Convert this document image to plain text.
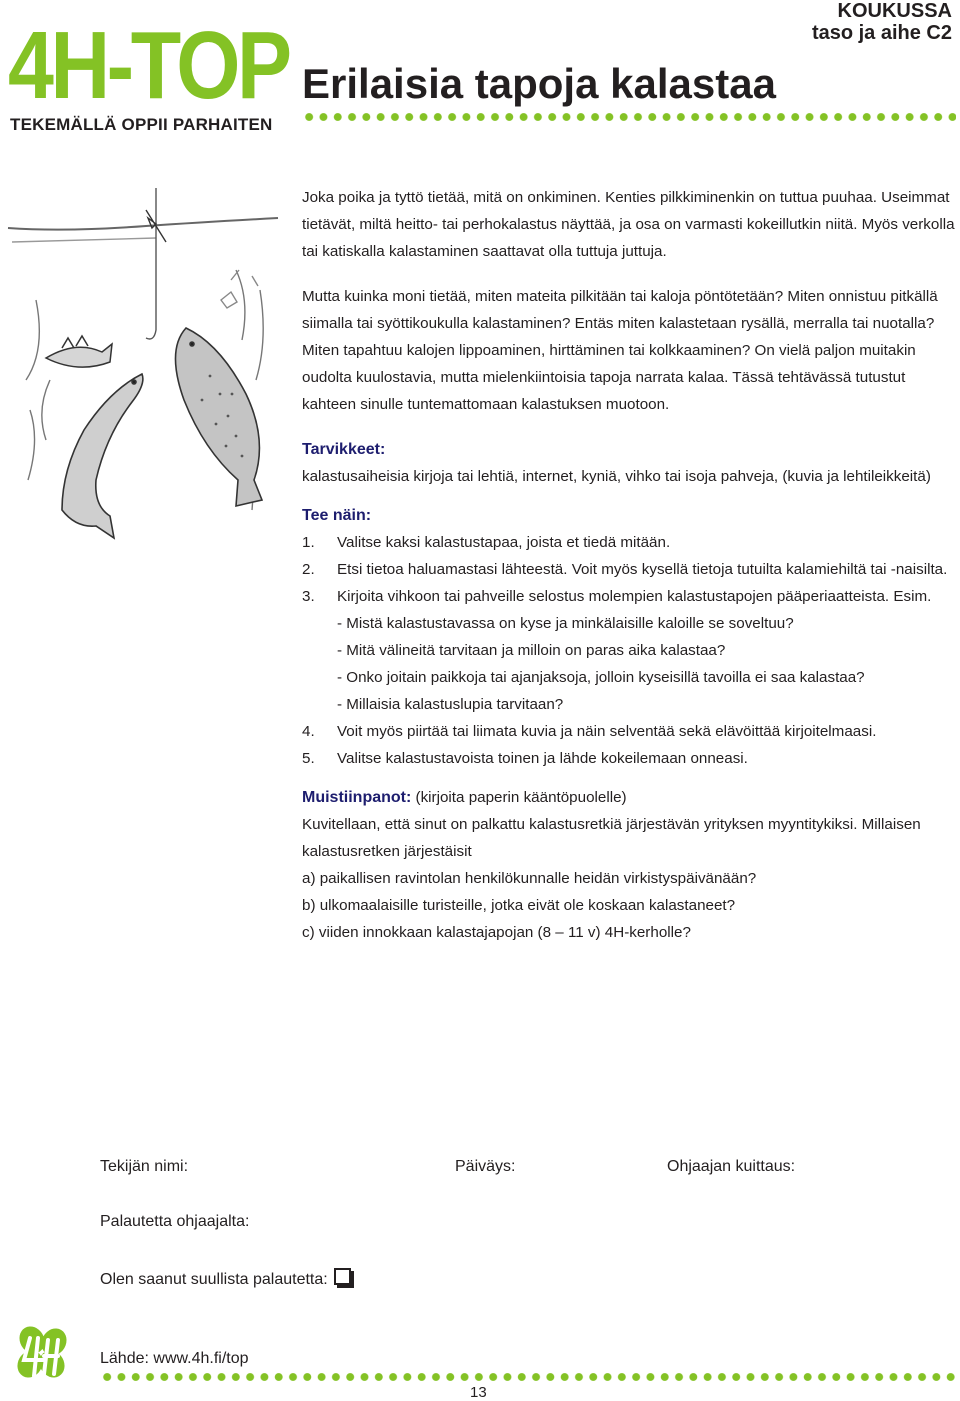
4H-TOP
TEKEMÄLLÄ OPPII PARHAITEN
Erilaisia tapoja kalastaa
KOUKUSSA
taso ja aihe C2

Joka poika ja tyttö tietää, mitä on onkiminen. Kenties pilkkiminenkin on tuttua puuhaa. Useimmat tietävät, miltä heitto- tai perhokalastus näyttää, ja osa on varmasti kokeillutkin niitä. Myös verkolla tai katiskalla kalastaminen saattavat olla tuttuja juttuja.

Mutta kuinka moni tietää, miten mateita pilkitään tai kaloja pöntötetään? Miten onnistuu pitkällä siimalla tai syöttikoukulla kalastaminen? Entäs miten kalastetaan rysällä, merralla tai nuotalla? Miten tapahtuu kalojen lippoaminen, hirttäminen tai kolkkaaminen? On vielä paljon muitakin oudolta kuulostavia, mutta mielenkiintoisia tapoja narrata kalaa. Tässä tehtävässä tutustut kahteen sinulle tuntemattomaan kalastuksen muotoon.

Tarvikkeet:

kalastusaiheisia kirjoja tai lehtiä, internet, kyniä, vihko tai isoja pahveja, (kuvia ja lehtileikkeitä)

Tee näin:

1. Valitse kaksi kalastustapaa, joista et tiedä mitään.
2. Etsi tietoa haluamastasi lähteestä. Voit myös kysellä tietoja tutuilta kalamiehiltä tai -naisilta.
3. Kirjoita vihkoon tai pahveille selostus molempien kalastustapojen pääperiaatteista. Esim.
- Mistä kalastustavassa on kyse ja minkälaisille kaloille se soveltuu?
- Mitä välineitä tarvitaan ja milloin on paras aika kalastaa?
- Onko joitain paikkoja tai ajanjaksoja, jolloin kyseisillä tavoilla ei saa kalastaa?
- Millaisia kalastuslupia tarvitaan?
4. Voit myös piirtää tai liimata kuvia ja näin selventää sekä elävöittää kirjoitelmaasi.
5. Valitse kalastustavoista toinen ja lähde kokeilemaan onneasi.

Muistiinpanot: (kirjoita paperin kääntöpuolelle)

Kuvitellaan, että sinut on palkattu kalastusretkiä järjestävän yrityksen myyntitykiksi. Millaisen kalastusretken järjestäisit

a) paikallisen ravintolan henkilökunnalle heidän virkistyspäivänään?

b) ulkomaalaisille turisteille, jotka eivät ole koskaan kalastaneet?

c) viiden innokkaan kalastajapojan (8 – 11 v) 4H-kerholle?

Tekijän nimi:	Päiväys:	Ohjaajan kuittaus:
Palautetta ohjaajalta:
Olen saanut suullista palautetta:
Lähde: www.4h.fi/top
13
